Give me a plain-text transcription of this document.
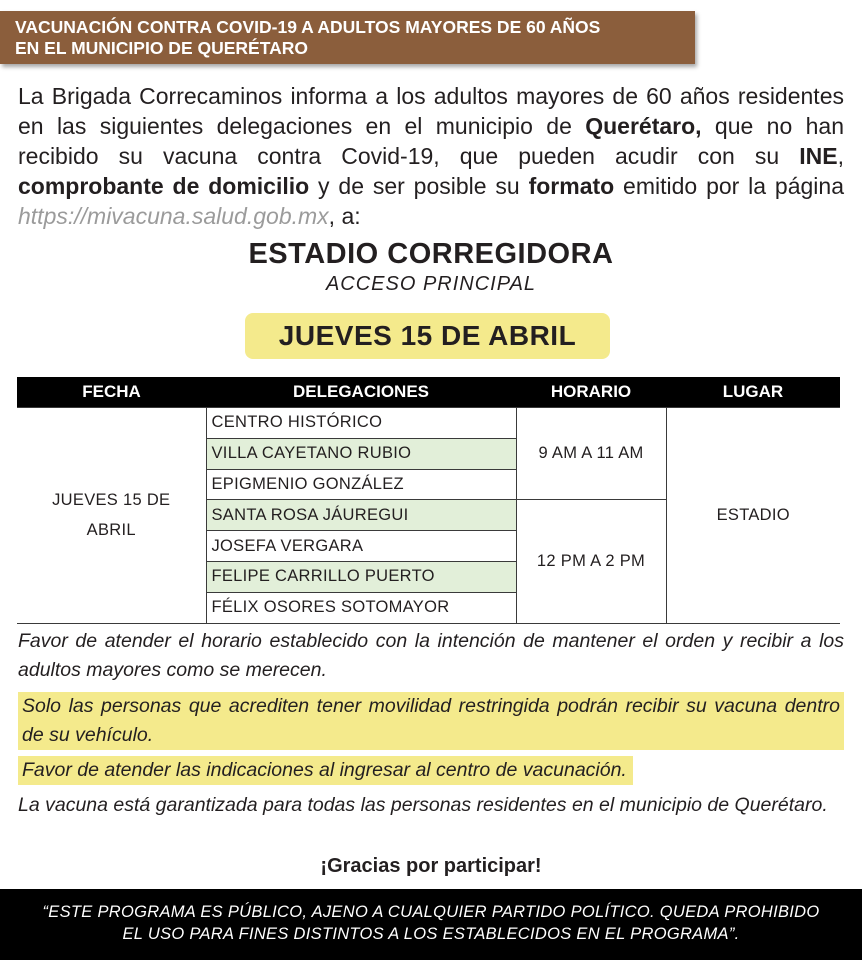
VACUNACIÓN CONTRA COVID-19 A ADULTOS MAYORES DE 60 AÑOS
EN EL MUNICIPIO DE QUERÉTARO

La Brigada Correcaminos informa a los adultos mayores de 60 años residentes en las siguientes delegaciones en el municipio de Querétaro, que no han recibido su vacuna contra Covid-19, que pueden acudir con su INE, comprobante de domicilio y de ser posible su formato emitido por la página https://mivacuna.salud.gob.mx, a:

ESTADIO CORREGIDORA
ACCESO PRINCIPAL
JUEVES 15 DE ABRIL
FECHA	DELEGACIONES	HORARIO	LUGAR

JUEVES 15 DE
ABRIL	CENTRO HISTÓRICO	9 AM A 11 AM	ESTADIO
	VILLA CAYETANO RUBIO		
	EPIGMENIO GONZÁLEZ		
	SANTA ROSA JÁUREGUI	12 PM A 2 PM	
	JOSEFA VERGARA		
	FELIPE CARRILLO PUERTO		
	FÉLIX OSORES SOTOMAYOR		

Favor de atender el horario establecido con la intención de mantener el orden y recibir a los adultos mayores como se merecen.

Solo las personas que acrediten tener movilidad restringida podrán recibir su vacuna dentro de su vehículo.

Favor de atender las indicaciones al ingresar al centro de vacunación.

La vacuna está garantizada para todas las personas residentes en el municipio de Querétaro.

¡Gracias por participar!
“ESTE PROGRAMA ES PÚBLICO, AJENO A CUALQUIER PARTIDO POLÍTICO. QUEDA PROHIBIDO
EL USO PARA FINES DISTINTOS A LOS ESTABLECIDOS EN EL PROGRAMA”.
